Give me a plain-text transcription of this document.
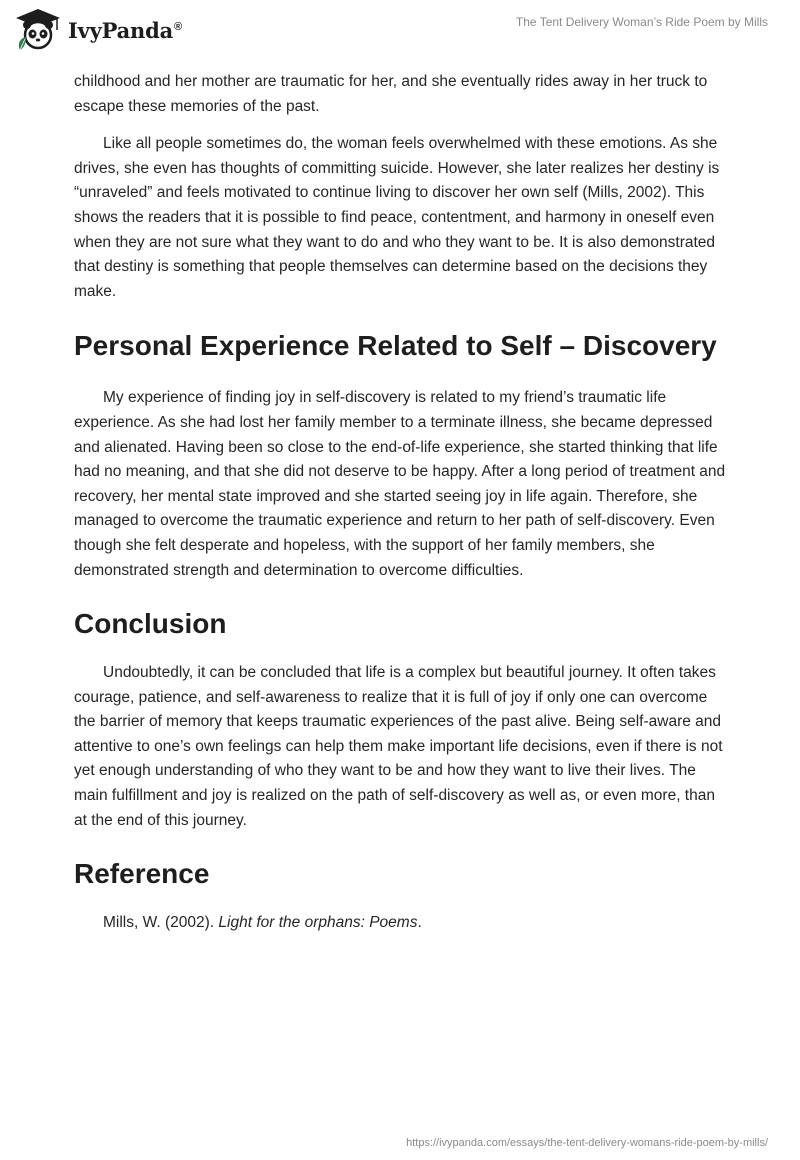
IvyPanda®	The Tent Delivery Woman’s Ride Poem by Mills

childhood and her mother are traumatic for her, and she eventually rides away in her truck to escape these memories of the past.

Like all people sometimes do, the woman feels overwhelmed with these emotions. As she drives, she even has thoughts of committing suicide. However, she later realizes her destiny is “unraveled” and feels motivated to continue living to discover her own self (Mills, 2002). This shows the readers that it is possible to find peace, contentment, and harmony in oneself even when they are not sure what they want to do and who they want to be. It is also demonstrated that destiny is something that people themselves can determine based on the decisions they make.

Personal Experience Related to Self – Discovery

My experience of finding joy in self-discovery is related to my friend’s traumatic life experience. As she had lost her family member to a terminate illness, she became depressed and alienated. Having been so close to the end-of-life experience, she started thinking that life had no meaning, and that she did not deserve to be happy. After a long period of treatment and recovery, her mental state improved and she started seeing joy in life again. Therefore, she managed to overcome the traumatic experience and return to her path of self-discovery. Even though she felt desperate and hopeless, with the support of her family members, she demonstrated strength and determination to overcome difficulties.

Conclusion

Undoubtedly, it can be concluded that life is a complex but beautiful journey. It often takes courage, patience, and self-awareness to realize that it is full of joy if only one can overcome the barrier of memory that keeps traumatic experiences of the past alive. Being self-aware and attentive to one’s own feelings can help them make important life decisions, even if there is not yet enough understanding of who they want to be and how they want to live their lives. The main fulfillment and joy is realized on the path of self-discovery as well as, or even more, than at the end of this journey.

Reference

Mills, W. (2002). Light for the orphans: Poems.

https://ivypanda.com/essays/the-tent-delivery-womans-ride-poem-by-mills/
